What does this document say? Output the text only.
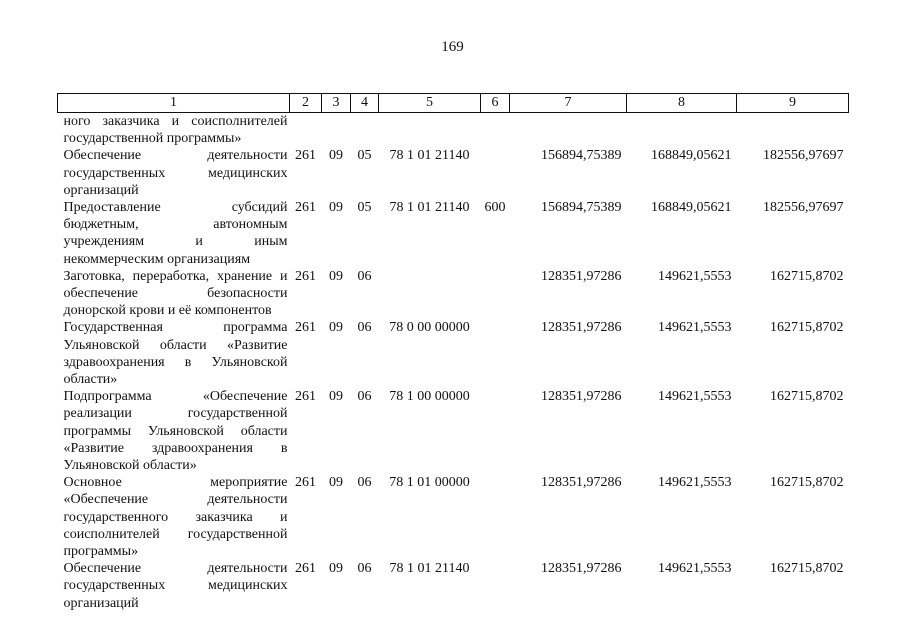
169
1	2	3	4	5	6	7	8	9
ного заказчика и соисполнителей государственной программы»								
Обеспечение деятельности государственных медицинских организаций	261	09	05	78 1 01 21140		156894,75389	168849,05621	182556,97697
Предоставление субсидий бюджетным, автономным учреждениям и иным некоммерческим организациям	261	09	05	78 1 01 21140	600	156894,75389	168849,05621	182556,97697
Заготовка, переработка, хранение и обеспечение безопасности донорской крови и её компонентов	261	09	06			128351,97286	149621,5553	162715,8702
Государственная программа Ульяновской области «Развитие здравоохранения в Ульяновской области»	261	09	06	78 0 00 00000		128351,97286	149621,5553	162715,8702
Подпрограмма «Обеспечение реализации государственной программы Ульяновской области «Развитие здравоохранения в Ульяновской области»	261	09	06	78 1 00 00000		128351,97286	149621,5553	162715,8702
Основное мероприятие «Обеспечение деятельности государственного заказчика и соисполнителей государственной программы»	261	09	06	78 1 01 00000		128351,97286	149621,5553	162715,8702
Обеспечение деятельности государственных медицинских организаций	261	09	06	78 1 01 21140		128351,97286	149621,5553	162715,8702
